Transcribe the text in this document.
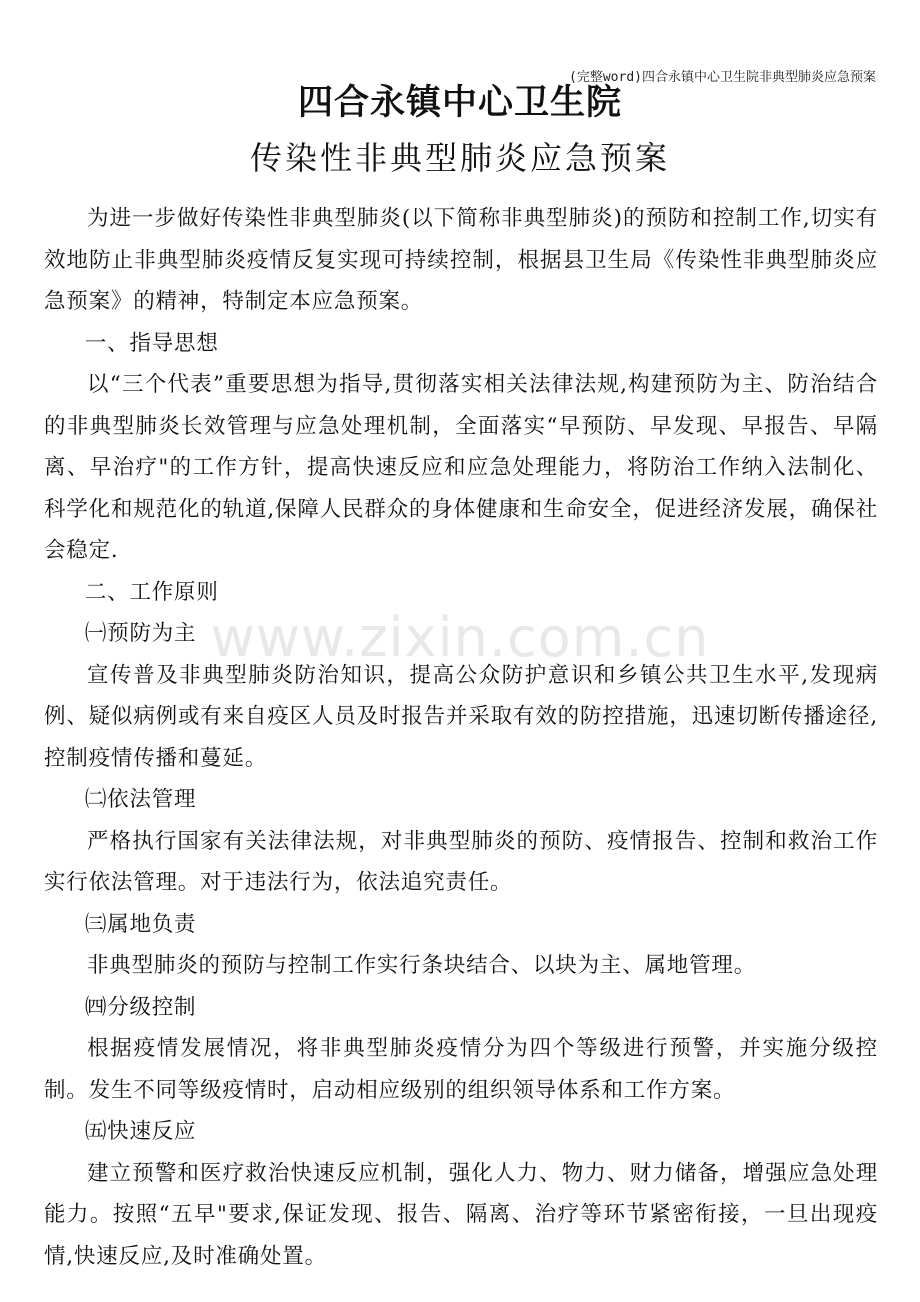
(完整word)四合永镇中心卫生院非典型肺炎应急预案
四合永镇中心卫生院
传染性非典型肺炎应急预案

为进一步做好传染性非典型肺炎(以下简称非典型肺炎)的预防和控制工作,切实有效地防止非典型肺炎疫情反复实现可持续控制，根据县卫生局《传染性非典型肺炎应急预案》的精神，特制定本应急预案。

一、指导思想

以“三个代表”重要思想为指导,贯彻落实相关法律法规,构建预防为主、防治结合的非典型肺炎长效管理与应急处理机制，全面落实“早预防、早发现、早报告、早隔离、早治疗"的工作方针，提高快速反应和应急处理能力，将防治工作纳入法制化、科学化和规范化的轨道,保障人民群众的身体健康和生命安全，促进经济发展，确保社会稳定.

二、工作原则

㈠预防为主

宣传普及非典型肺炎防治知识，提高公众防护意识和乡镇公共卫生水平,发现病例、疑似病例或有来自疫区人员及时报告并采取有效的防控措施，迅速切断传播途径,控制疫情传播和蔓延。

㈡依法管理

严格执行国家有关法律法规，对非典型肺炎的预防、疫情报告、控制和救治工作实行依法管理。对于违法行为，依法追究责任。

㈢属地负责

非典型肺炎的预防与控制工作实行条块结合、以块为主、属地管理。

㈣分级控制

根据疫情发展情况，将非典型肺炎疫情分为四个等级进行预警，并实施分级控制。发生不同等级疫情时，启动相应级别的组织领导体系和工作方案。

㈤快速反应

建立预警和医疗救治快速反应机制，强化人力、物力、财力储备，增强应急处理能力。按照“五早"要求,保证发现、报告、隔离、治疗等环节紧密衔接，一旦出现疫情,快速反应,及时准确处置。

www.zixin.com.cn
